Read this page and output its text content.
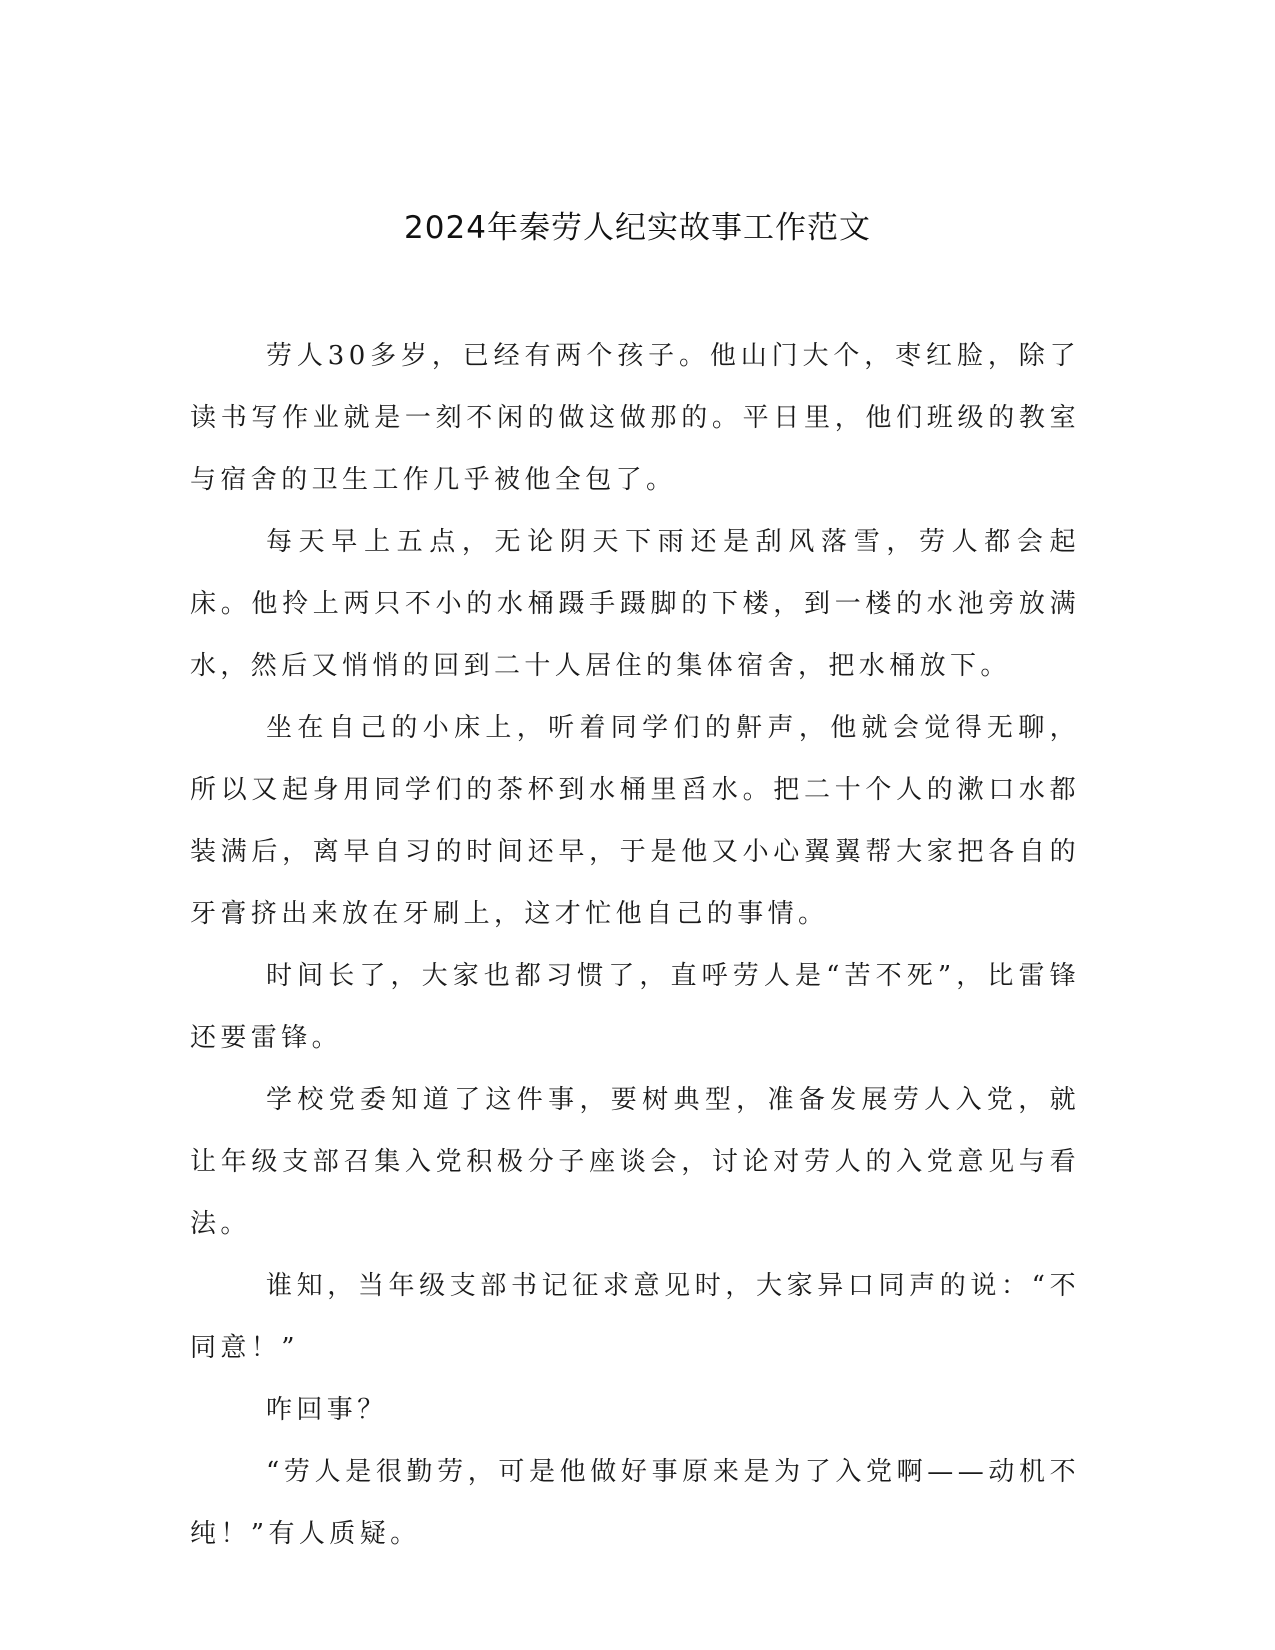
2024年秦劳人纪实故事工作范文

劳人30多岁，已经有两个孩子。他山门大个，枣红脸，除了读书写作业就是一刻不闲的做这做那的。平日里，他们班级的教室与宿舍的卫生工作几乎被他全包了。

每天早上五点，无论阴天下雨还是刮风落雪，劳人都会起床。他拎上两只不小的水桶蹑手蹑脚的下楼，到一楼的水池旁放满水，然后又悄悄的回到二十人居住的集体宿舍，把水桶放下。

坐在自己的小床上，听着同学们的鼾声，他就会觉得无聊，所以又起身用同学们的茶杯到水桶里舀水。把二十个人的漱口水都装满后，离早自习的时间还早，于是他又小心翼翼帮大家把各自的牙膏挤出来放在牙刷上，这才忙他自己的事情。

时间长了，大家也都习惯了，直呼劳人是“苦不死”，比雷锋还要雷锋。

学校党委知道了这件事，要树典型，准备发展劳人入党，就让年级支部召集入党积极分子座谈会，讨论对劳人的入党意见与看法。

谁知，当年级支部书记征求意见时，大家异口同声的说：“不同意！”

咋回事？

“劳人是很勤劳，可是他做好事原来是为了入党啊——动机不纯！”有人质疑。
